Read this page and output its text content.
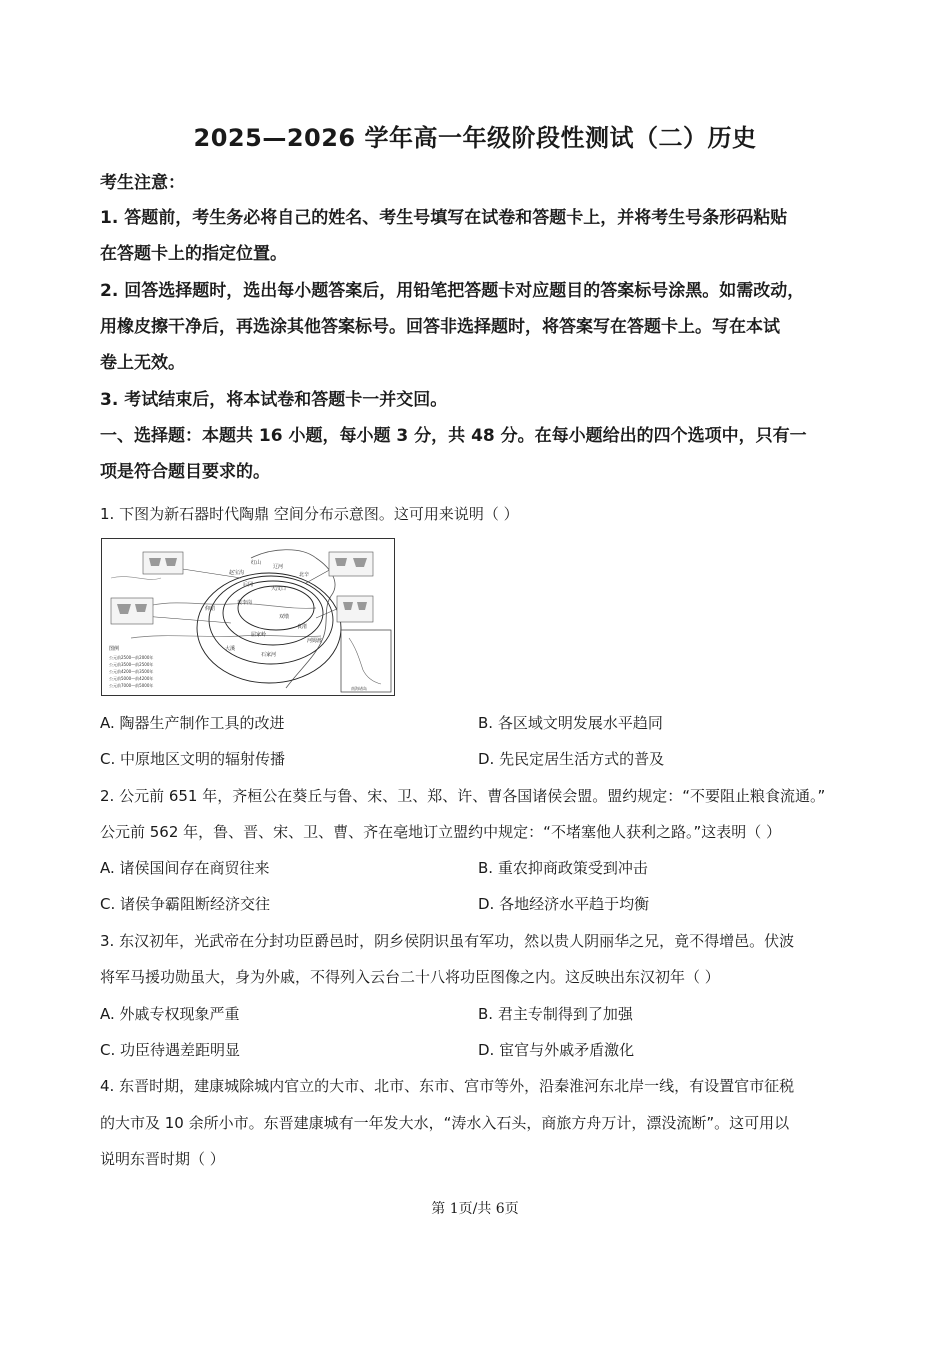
2025—2026 学年高一年级阶段性测试（二）历史
考生注意：
1. 答题前，考生务必将自己的姓名、考生号填写在试卷和答题卡上，并将考生号条形码粘贴
在答题卡上的指定位置。
2. 回答选择题时，选出每小题答案后，用铅笔把答题卡对应题目的答案标号涂黑。如需改动，
用橡皮擦干净后，再选涂其他答案标号。回答非选择题时，将答案写在答题卡上。写在本试
卷上无效。
3. 考试结束后，将本试卷和答题卡一并交回。
一、选择题：本题共 16 小题，每小题 3 分，共 48 分。在每小题给出的四个选项中，只有一
项是符合题目要求的。
1. 下图为新石器时代陶鼎 空间分布示意图。这可用来说明（ ）
红山
辽河
赵宝沟
后冈
北辛
大汶口
裴李岗
仰韶
良渚
河姆渡
屈家岭
大溪
石家河
双墩
图例
公元前2500—前2000年
公元前3500—前2500年
公元前4200—前3500年
公元前5000—前4200年
公元前7000—前5000年
南海诸岛
A. 陶器生产制作工具的改进	B. 各区域文明发展水平趋同
C. 中原地区文明的辐射传播	D. 先民定居生活方式的普及
2. 公元前 651 年，齐桓公在葵丘与鲁、宋、卫、郑、许、曹各国诸侯会盟。盟约规定：“不要阻止粮食流通。”
公元前 562 年，鲁、晋、宋、卫、曹、齐在亳地订立盟约中规定：“不堵塞他人获利之路。”这表明（ ）
A. 诸侯国间存在商贸往来	B. 重农抑商政策受到冲击
C. 诸侯争霸阻断经济交往	D. 各地经济水平趋于均衡
3. 东汉初年，光武帝在分封功臣爵邑时，阴乡侯阴识虽有军功，然以贵人阴丽华之兄，竟不得增邑。伏波
将军马援功勋虽大，身为外戚，不得列入云台二十八将功臣图像之内。这反映出东汉初年（ ）
A. 外戚专权现象严重	B. 君主专制得到了加强
C. 功臣待遇差距明显	D. 宦官与外戚矛盾激化
4. 东晋时期，建康城除城内官立的大市、北市、东市、宫市等外，沿秦淮河东北岸一线，有设置官市征税
的大市及 10 余所小市。东晋建康城有一年发大水，“涛水入石头，商旅方舟万计，漂没流断”。这可用以
说明东晋时期（ ）
第 1页/共 6页
